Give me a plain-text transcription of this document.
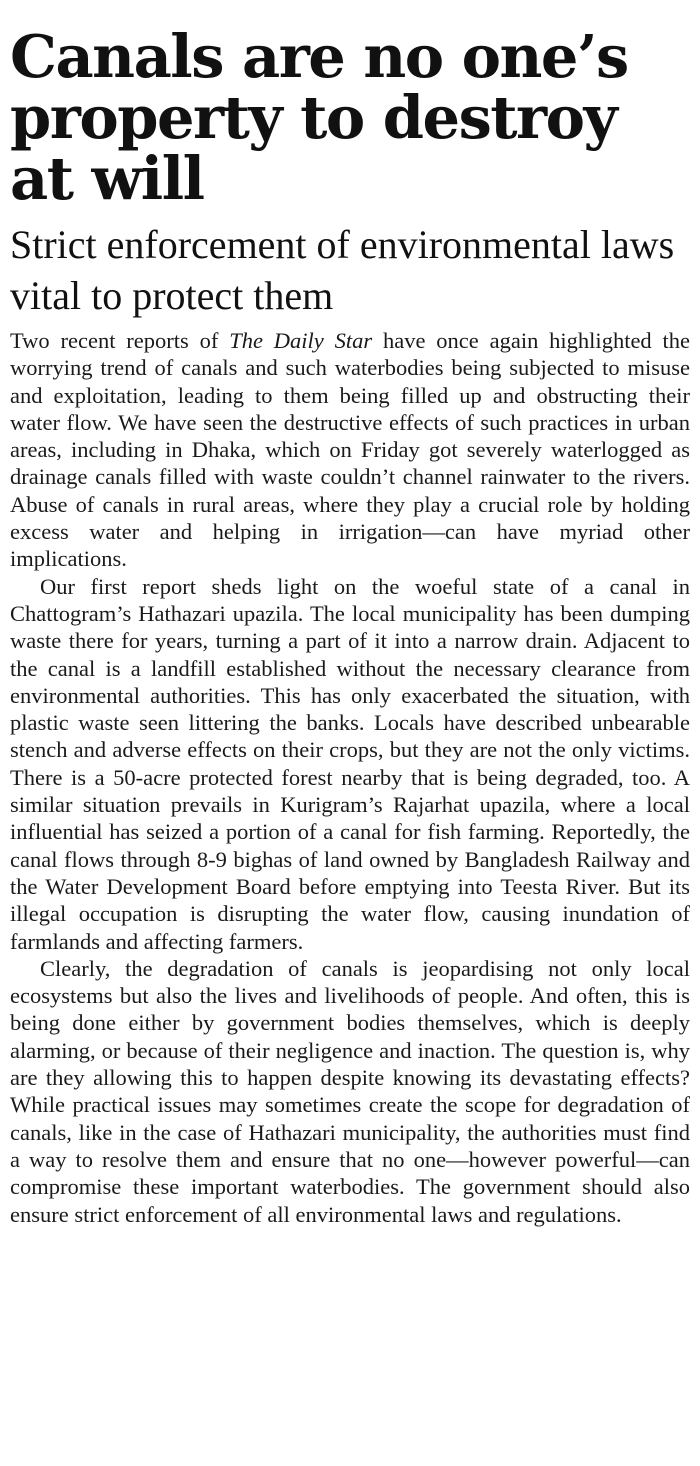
Canals are no one’s property to destroy at will
Strict enforcement of environmental laws vital to protect them

Two recent reports of The Daily Star have once again highlighted the worrying trend of canals and such waterbodies being subjected to misuse and exploitation, leading to them being filled up and obstructing their water flow. We have seen the destructive effects of such practices in urban areas, including in Dhaka, which on Friday got severely waterlogged as drainage canals filled with waste couldn’t channel rainwater to the rivers. Abuse of canals in rural areas, where they play a crucial role by holding excess water and helping in irrigation—can have myriad other implications.

Our first report sheds light on the woeful state of a canal in Chattogram’s Hathazari upazila. The local municipality has been dumping waste there for years, turning a part of it into a narrow drain. Adjacent to the canal is a landfill established without the necessary clearance from environmental authorities. This has only exacerbated the situation, with plastic waste seen littering the banks. Locals have described unbearable stench and adverse effects on their crops, but they are not the only victims. There is a 50-acre protected forest nearby that is being degraded, too. A similar situation prevails in Kurigram’s Rajarhat upazila, where a local influential has seized a portion of a canal for fish farming. Reportedly, the canal flows through 8-9 bighas of land owned by Bangladesh Railway and the Water Development Board before emptying into Teesta River. But its illegal occupation is disrupting the water flow, causing inundation of farmlands and affecting farmers.

Clearly, the degradation of canals is jeopardising not only local ecosystems but also the lives and livelihoods of people. And often, this is being done either by government bodies themselves, which is deeply alarming, or because of their negligence and inaction. The question is, why are they allowing this to happen despite knowing its devastating effects? While practical issues may sometimes create the scope for degradation of canals, like in the case of Hathazari municipality, the authorities must find a way to resolve them and ensure that no one—however powerful—can compromise these important waterbodies. The government should also ensure strict enforcement of all environmental laws and regulations.
